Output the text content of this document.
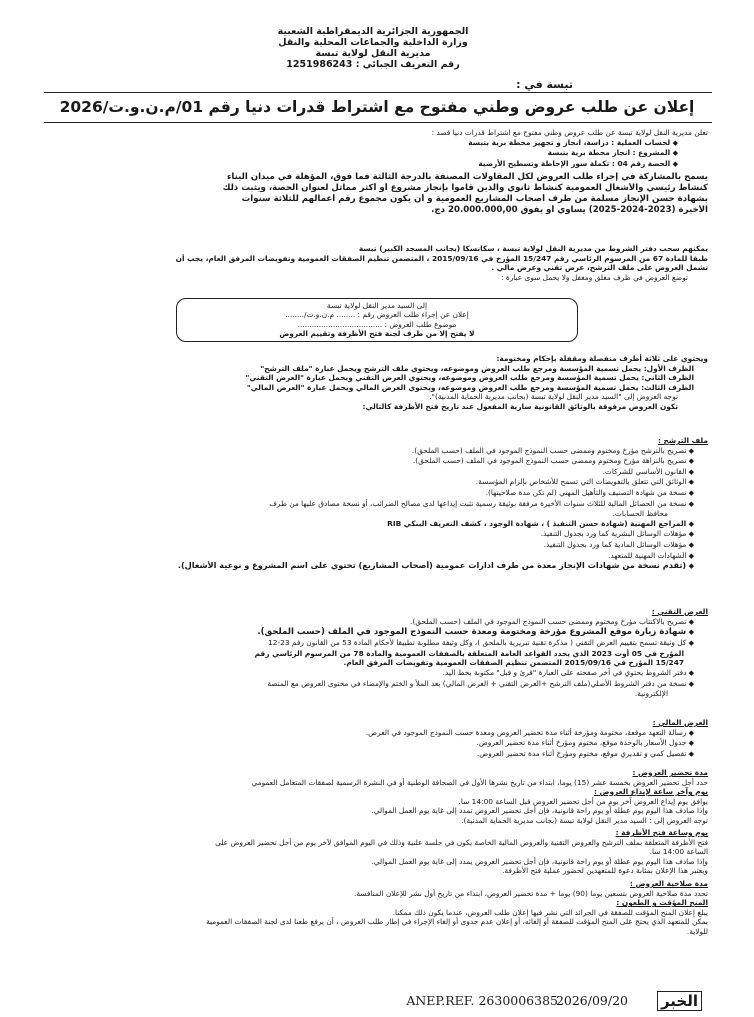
الجمهورية الجزائرية الديمقراطية الشعبية
وزارة الداخلية والجماعات المحلية والنقل
مديرية النقل لولاية تبسة
رقم التعريف الجبائي : 1251986243
تبسة في :
إعلان عن طلب عروض وطني مفتوح مع اشتراط قدرات دنيا رقم 01/م.ن.و.ت/2026

تعلن مديرية النقل لولاية تبسة عن طلب عروض وطني مفتوح مع اشتراط قدرات دنيا قصد :

◆ لحساب العملية : دراسة، انجاز و تجهيز محطة برية بتبسة

◆ المشروع : انجاز محطة برية بتبسة

◆ الحصة رقم 04 : تكملة سور الإحاطة وتسطيح الأرضية

يسمح بالمشاركة في إجراء طلب العروض لكل المقاولات المصنفة بالدرجة الثالثة فما فوق، المؤهلة في ميدان البناء

كنشاط رئيسي والأشغال العمومية كنشاط ثانوي والذين قاموا بإنجاز مشروع أو أكثر مماثل لعنوان الحصة، ويثبت ذلك

بشهادة حسن الإنجاز مسلمة من طرف أصحاب المشاريع العمومية و أن يكون مجموع رقم أعمالهم للثلاثة سنوات

الأخيرة (2023-2024-2025) يساوي أو يفوق 20.000.000,00 دج.

يمكنهم سحب دفتر الشروط من مديرية النقل لولاية تبسة ، سكانسكا (بجانب المسجد الكبير) تبسة

طبقا للمادة 67 من المرسوم الرئاسي رقم 15/247 المؤرخ في 2015/09/16 ، المتضمن تنظيم الصفقات العمومية وتفويضات المرفق العام، يجب أن

تشمل العروض على ملف الترشح، عرض تقني وعرض مالي .

توضع العروض في ظرف مغلق ومغفل ولا يحمل سوى عبارة :

إلى السيد مدير النقل لولاية تبسة

إعلان عن إجراء طلب العروض رقم : ........ م.ن.و.ت/........

موضوع طلب العروض : ....................................

لا يفتح إلا من طرف لجنة فتح الأظرفة وتقييم العروض

ويحتوي على ثلاثة أظرف منفصلة ومقفلة بإحكام ومختومة:

الظرف الأول: يحمل تسمية المؤسسة ومرجع طلب العروض وموضوعه، ويحتوي ملف الترشح ويحمل عبارة "ملف الترشح"

الظرف الثاني: يحمل تسمية المؤسسة ومرجع طلب العروض وموضوعه، ويحتوي العرض التقني ويحمل عبارة "العرض التقني"

الظرف الثالث: يحمل تسمية المؤسسة ومرجع طلب العروض وموضوعه، ويحتوي العرض المالي ويحمل عبارة "العرض المالي"

توجه العروض إلى "السيد مدير النقل لولاية تبسة (بجانب مديرية الحماية المدنية)".

تكون العروض مرفوقة بالوثائق القانونية سارية المفعول عند تاريخ فتح الأظرفة كالتالي:

ملف الترشح :

◆ تصريح بالترشح مؤرخ ومختوم وممضى حسب النموذج الموجود في الملف (حسب الملحق).

◆ تصريح بالنزاهة مؤرخ ومختوم وممضى حسب النموذج الموجود في الملف (حسب الملحق).

◆ القانون الأساسي للشركات.

◆ الوثائق التي تتعلق بالتفويضات التي تسمح للأشخاص بإلزام المؤسسة.

◆ نسخة من شهادة التصنيف والتأهيل المهني (لم تكن مدة صلاحيتها).

◆ نسخة من الحصائل المالية للثلاث سنوات الأخيرة مرفقة بوثيقة رسمية تثبت إيداعها لدى مصالح الضرائب، أو نسخة مصادق عليها من طرف

محافظ الحسابات.

◆ المراجع المهنية (شهادة حسن التنفيذ ) ، شهادة الوجود ، كشف التعريف البنكي RIB

◆ مؤهلات الوسائل البشرية كما ورد بجدول التنفيذ.

◆ مؤهلات الوسائل المادية كما ورد بجدول التنفيذ.

◆ الشهادات المهنية للمتعهد.

◆ (تقدم نسخة من شهادات الإنجاز معدة من طرف ادارات عمومية (أصحاب المشاريع) تحتوي على اسم المشروع و نوعية الأشغال).

العرض التقني :

◆ تصريح بالاكتتاب مؤرخ ومختوم وممضى حسب النموذج الموجود في الملف (حسب الملحق).

◆ شهادة زيارة موقع المشروع مؤرخة ومختومة ومعدة حسب النموذج الموجود في الملف (حسب الملحق).

◆ كل وثيقة تسمح بتقييم العرض التقني ( مذكرة تقنية تبريرية بالملحق )، وكل وثيقة مطلوبة تطبيقا لأحكام المادة 53 من القانون رقم 23-12

المؤرخ في 05 أوت 2023 الذي يحدد القواعد العامة المتعلقة بالصفقات العمومية والمادة 78 من المرسوم الرئاسي رقم

15/247 المؤرخ في 2015/09/16 المتضمن تنظيم الصفقات العمومية وتفويضات المرفق العام.

◆ دفتر الشروط يحتوي في آخر صفحته على العبارة "قرئ و قبل" مكتوبة بخط اليد.

◆ نسخة من دفتر الشروط الأصلي(ملف الترشح +العرض التقني + العرض المالي) بعد الملأ و الختم والإمضاء في محتوى العروض مع المنصة

الإلكترونية.

العرض المالي :

◆ رسالة التعهد موقعة، مختومة ومؤرخة أثناء مدة تحضير العروض ومعدة حسب النموذج الموجود في العرض.

◆ جدول الأسعار بالوحدة موقع، مختوم ومؤرخ أثناء مدة تحضير العروض.

◆ تفصيل كمي و تقديري موقع، مختوم ومؤرخ أثناء مدة تحضير العروض.

مدة تحضير العروض :

حدد أجل تحضير العروض بخمسة عشر (15) يوما، ابتداء من تاريخ نشرها الأول في الصحافة الوطنية أو في النشرة الرسمية لصفقات المتعامل العمومي

يوم وآخر ساعة لإيداع العروض :

يوافق يوم إيداع العروض آخر يوم من أجل تحضير العروض قبل الساعة 14:00 سا.

وإذا صادف هذا اليوم يوم عطلة أو يوم راحة قانونية، فإن أجل تحضير العروض تمدد إلى غاية يوم العمل الموالي.

توجه العروض إلى : السيد مدير النقل لولاية تبسة (بجانب مديرية الحماية المدنية).

يوم وساعة فتح الأظرفة :

فتح الأظرفة المتعلقة بملف الترشح والعروض التقنية والعروض المالية الخاصة يكون في جلسة علنية وذلك في اليوم الموافق لآخر يوم من أجل تحضير العروض على

الساعة 14:00 سا.

وإذا صادف هذا اليوم يوم عطلة أو يوم راحة قانونية، فإن أجل تحضير العروض يمدد إلى غاية يوم العمل الموالي.

ويعتبر هذا الإعلان بمثابة دعوة للمتعهدين لحضور عملية فتح الأظرفة.

مدة صلاحية العروض :

تحدد مدة صلاحية العروض بتسعين يوما (90) يوما + مدة تحضير العروض، ابتداء من تاريخ أول نشر للإعلان المنافسة.

المنح المؤقت و الطعون :

يبلغ إعلان المنح المؤقت للصفقة في الجرائد التي نشر فيها إعلان طلب العروض، عندما يكون ذلك ممكنا.

يمكن للمتعهد الذي يحتج على المنح المؤقت للصفقة أو إلغائه، أو إعلان عدم جدوى أو إلغاء الإجراء في إطار طلب العروض ، أن يرفع طعنا لدى لجنة الصفقات العمومية

للولاية.

ANEP.REF. 2630006385
2026/09/20 الخبر
